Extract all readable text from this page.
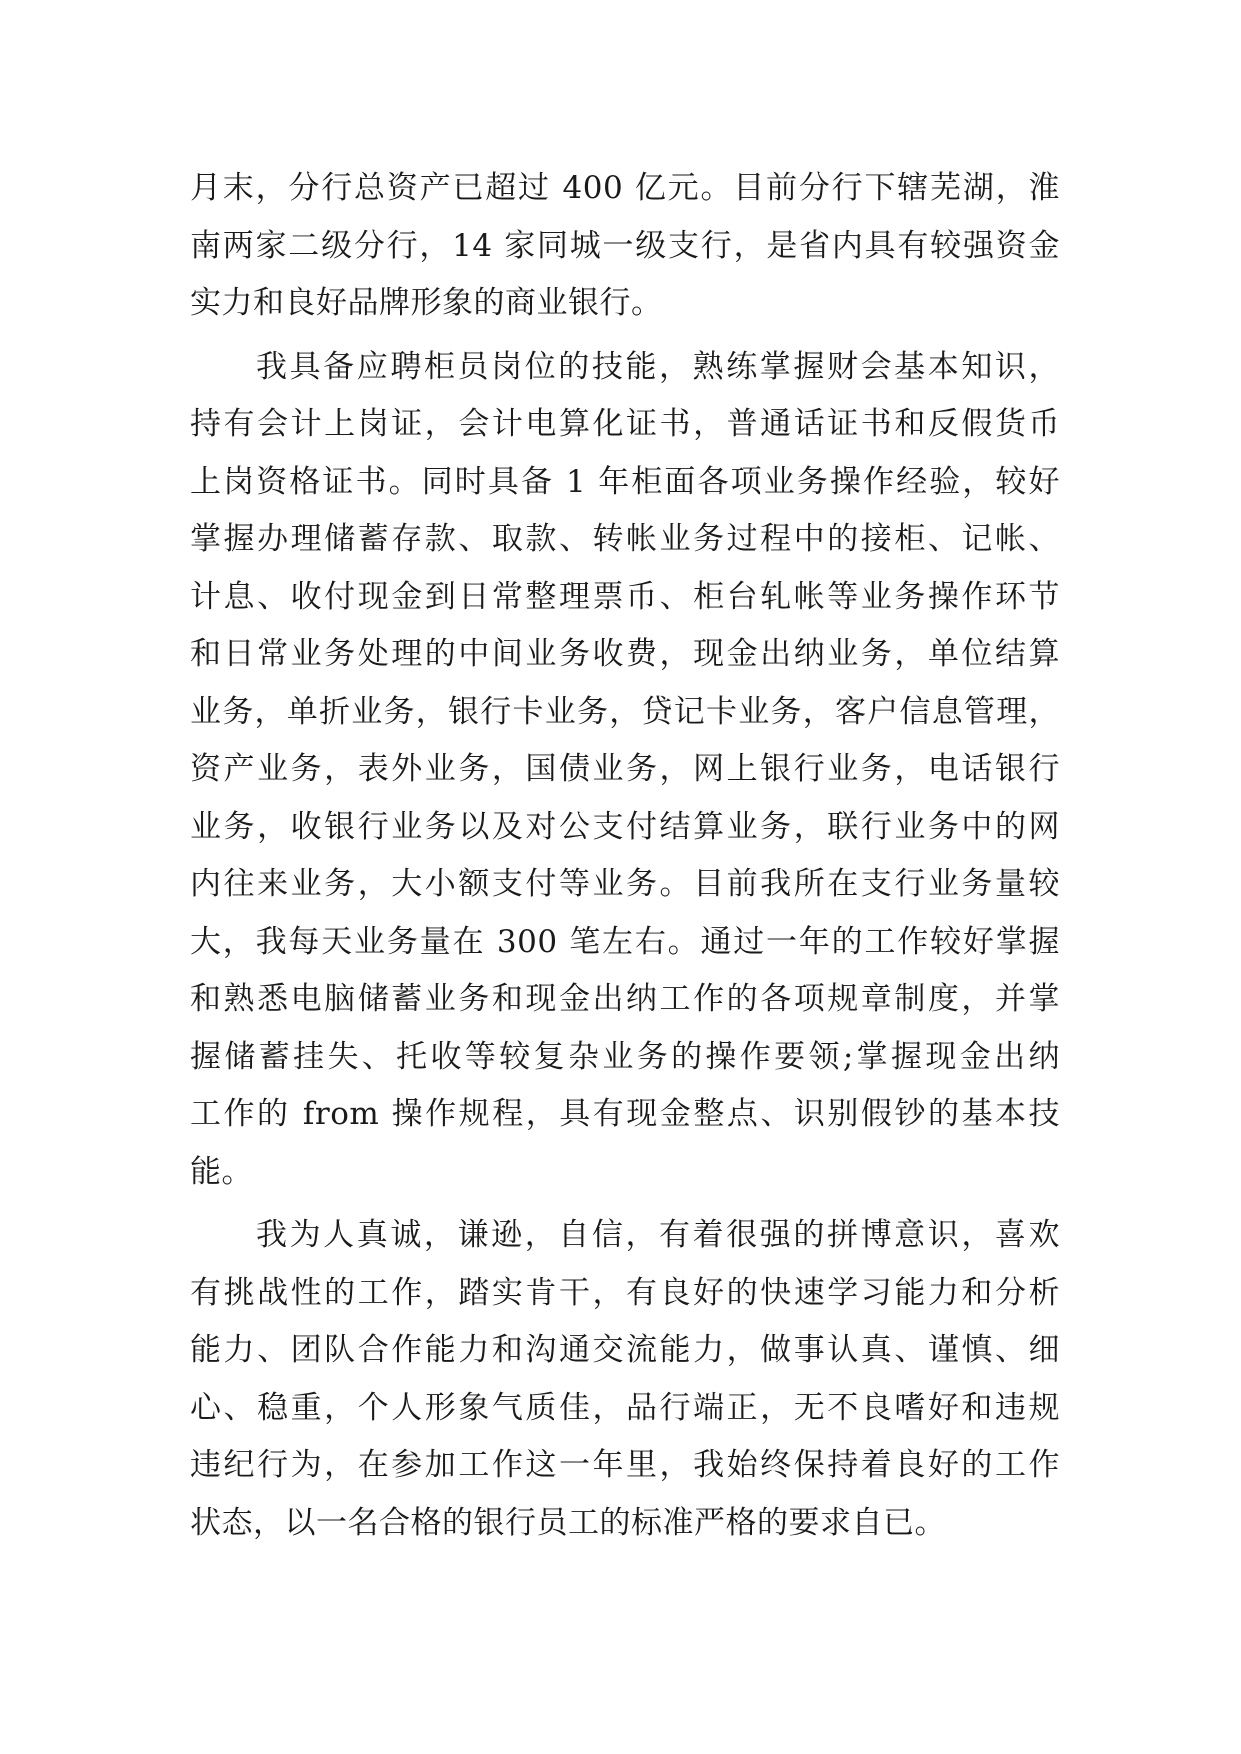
月末，分行总资产已超过 400 亿元。目前分行下辖芜湖，淮
南两家二级分行，14 家同城一级支行，是省内具有较强资金
实力和良好品牌形象的商业银行。
我具备应聘柜员岗位的技能，熟练掌握财会基本知识，
持有会计上岗证，会计电算化证书，普通话证书和反假货币
上岗资格证书。同时具备 1 年柜面各项业务操作经验，较好
掌握办理储蓄存款、取款、转帐业务过程中的接柜、记帐、
计息、收付现金到日常整理票币、柜台轧帐等业务操作环节
和日常业务处理的中间业务收费，现金出纳业务，单位结算
业务，单折业务，银行卡业务，贷记卡业务，客户信息管理，
资产业务，表外业务，国债业务，网上银行业务，电话银行
业务，收银行业务以及对公支付结算业务，联行业务中的网
内往来业务，大小额支付等业务。目前我所在支行业务量较
大，我每天业务量在 300 笔左右。通过一年的工作较好掌握
和熟悉电脑储蓄业务和现金出纳工作的各项规章制度，并掌
握储蓄挂失、托收等较复杂业务的操作要领;掌握现金出纳
工作的 from 操作规程，具有现金整点、识别假钞的基本技
能。
我为人真诚，谦逊，自信，有着很强的拼博意识，喜欢
有挑战性的工作，踏实肯干，有良好的快速学习能力和分析
能力、团队合作能力和沟通交流能力，做事认真、谨慎、细
心、稳重，个人形象气质佳，品行端正，无不良嗜好和违规
违纪行为，在参加工作这一年里，我始终保持着良好的工作
状态，以一名合格的银行员工的标准严格的要求自已。
